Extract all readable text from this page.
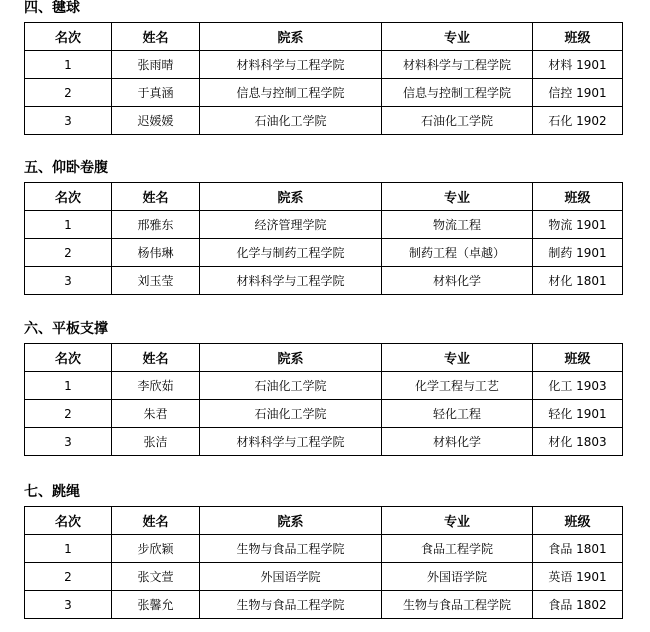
四、毽球
名次	姓名	院系	专业	班级
1	张雨晴	材料科学与工程学院	材料科学与工程学院	材料 1901
2	于真涵	信息与控制工程学院	信息与控制工程学院	信控 1901
3	迟媛媛	石油化工学院	石油化工学院	石化 1902
五、仰卧卷腹
名次	姓名	院系	专业	班级
1	邢雅东	经济管理学院	物流工程	物流 1901
2	杨伟琳	化学与制药工程学院	制药工程（卓越）	制药 1901
3	刘玉莹	材料科学与工程学院	材料化学	材化 1801
六、平板支撑
名次	姓名	院系	专业	班级
1	李欣茹	石油化工学院	化学工程与工艺	化工 1903
2	朱君	石油化工学院	轻化工程	轻化 1901
3	张洁	材料科学与工程学院	材料化学	材化 1803
七、跳绳
名次	姓名	院系	专业	班级
1	步欣颖	生物与食品工程学院	食品工程学院	食品 1801
2	张文萱	外国语学院	外国语学院	英语 1901
3	张馨允	生物与食品工程学院	生物与食品工程学院	食品 1802
